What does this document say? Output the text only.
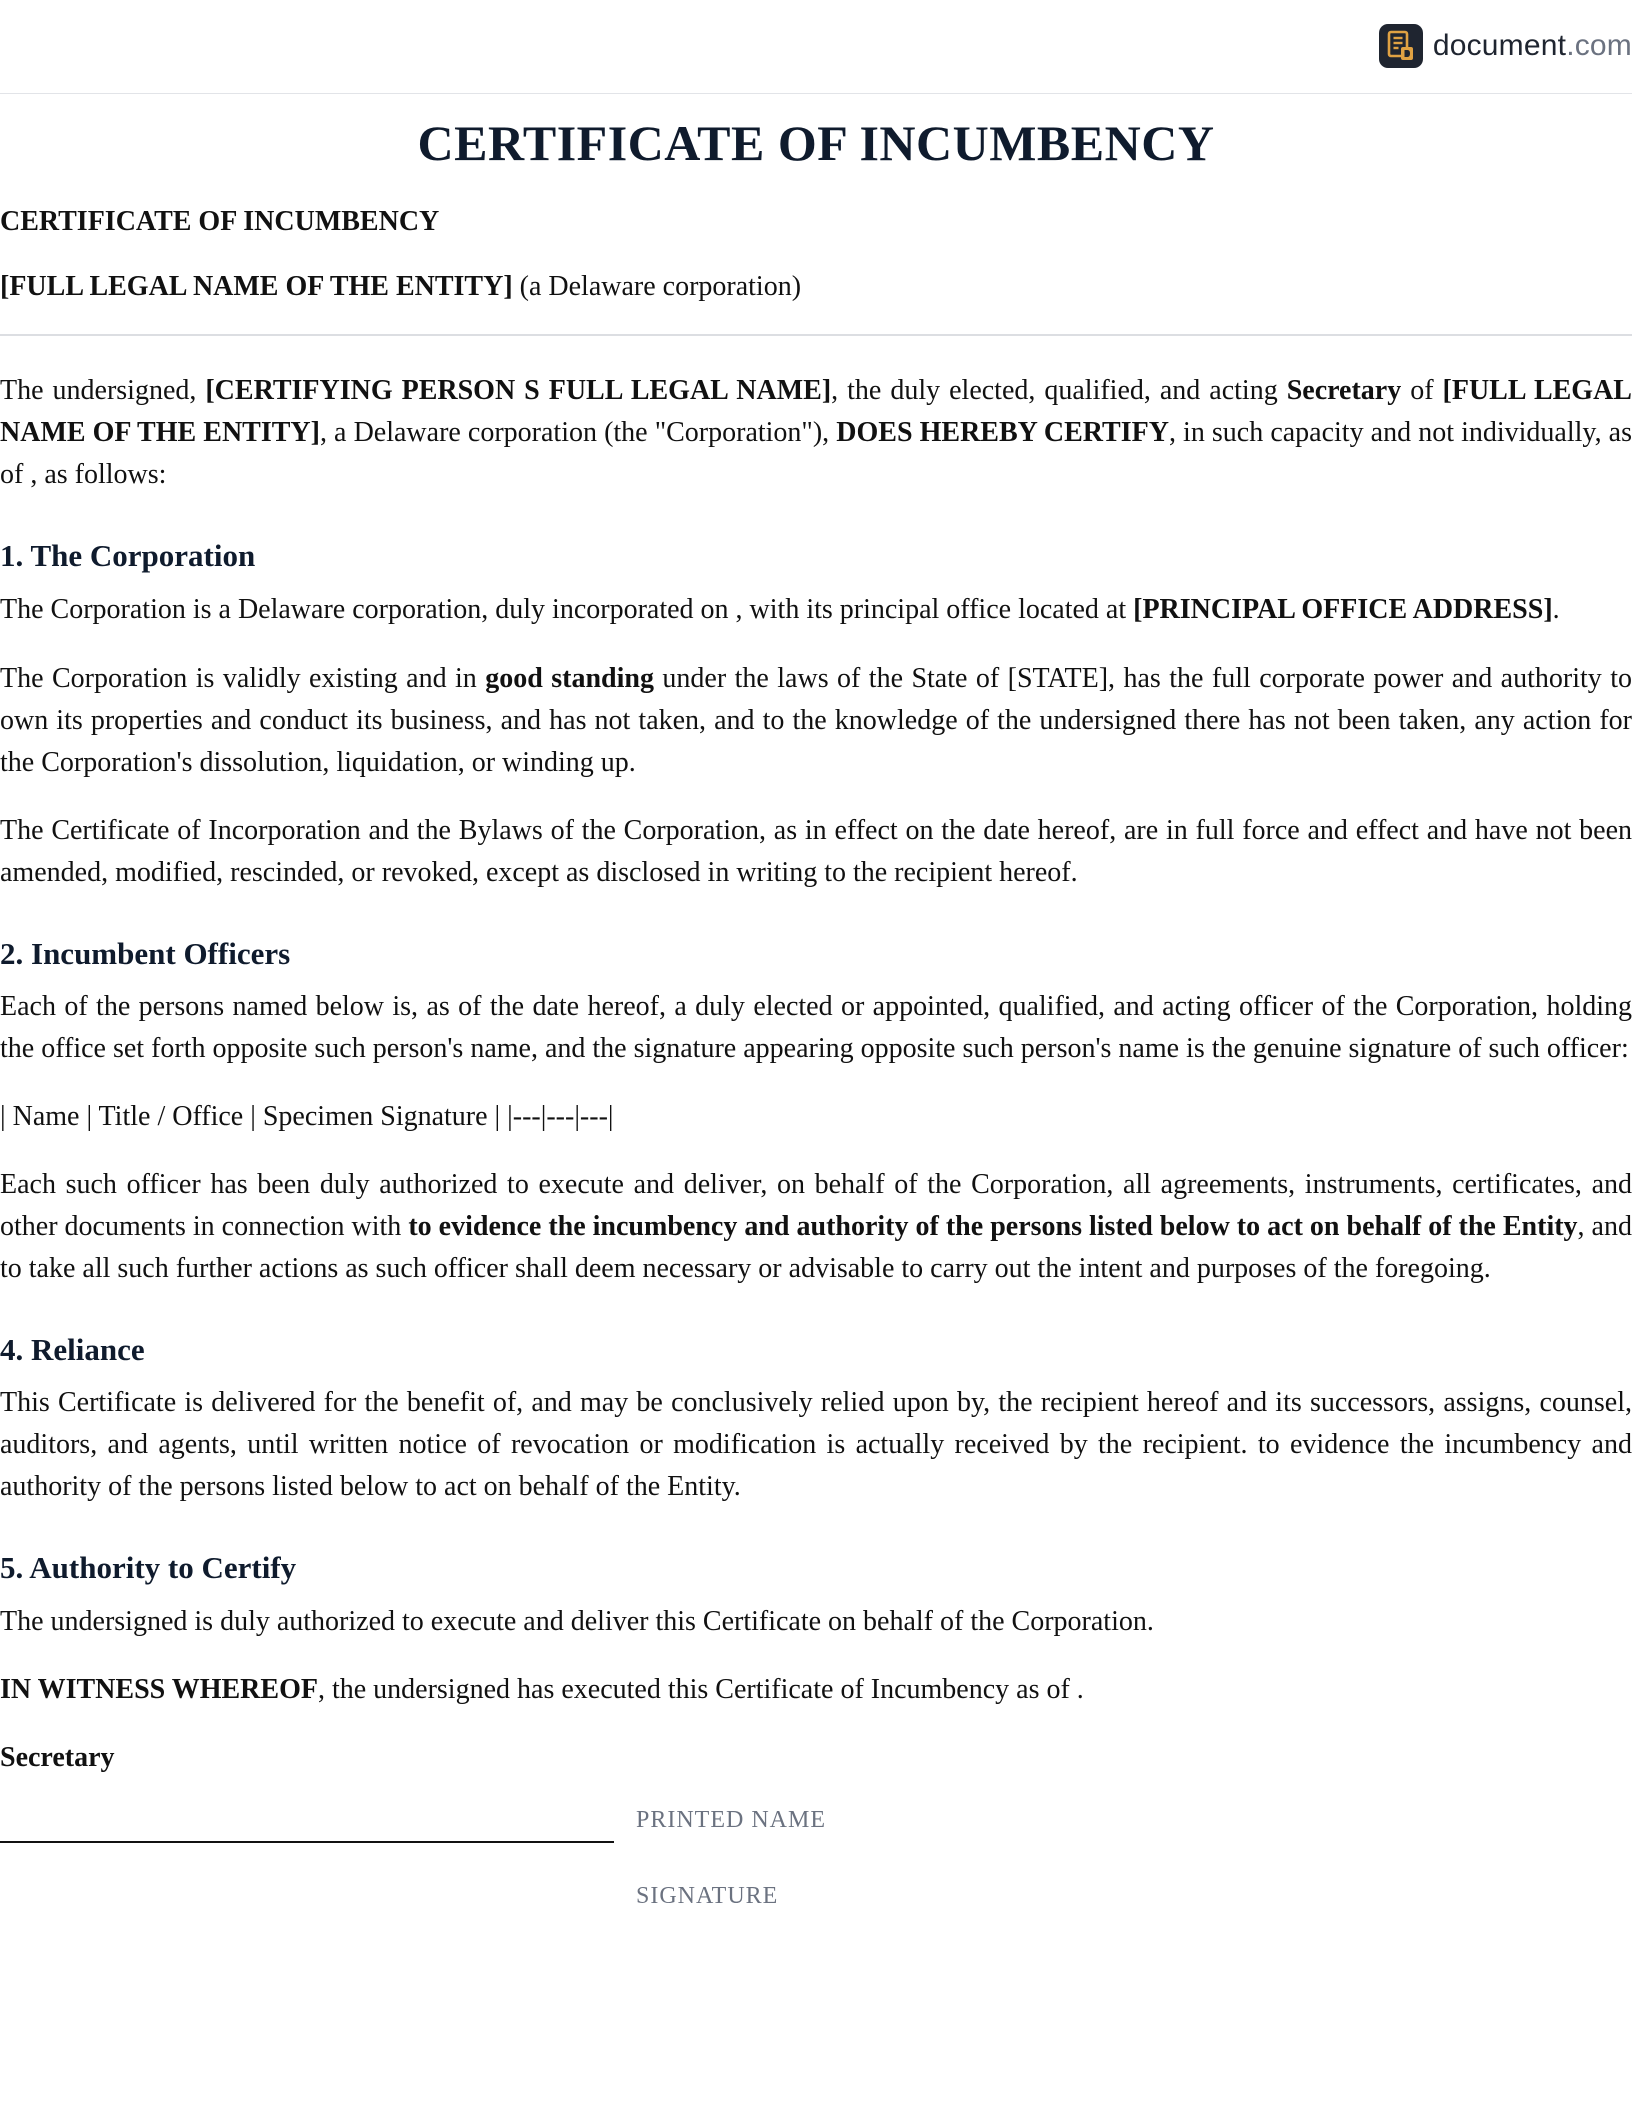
document.com
CERTIFICATE OF INCUMBENCY
CERTIFICATE OF INCUMBENCY
[FULL LEGAL NAME OF THE ENTITY] (a Delaware corporation)

The undersigned, [CERTIFYING PERSON S FULL LEGAL NAME], the duly elected, qualified, and acting Secretary of [FULL LEGAL NAME OF THE ENTITY], a Delaware corporation (the "Corporation"), DOES HEREBY CERTIFY, in such capacity and not individually, as of , as follows:

1. The Corporation

The Corporation is a Delaware corporation, duly incorporated on , with its principal office located at [PRINCIPAL OFFICE ADDRESS].

The Corporation is validly existing and in good standing under the laws of the State of [STATE], has the full corporate power and authority to own its properties and conduct its business, and has not taken, and to the knowledge of the undersigned there has not been taken, any action for the Corporation's dissolution, liquidation, or winding up.

The Certificate of Incorporation and the Bylaws of the Corporation, as in effect on the date hereof, are in full force and effect and have not been amended, modified, rescinded, or revoked, except as disclosed in writing to the recipient hereof.

2. Incumbent Officers

Each of the persons named below is, as of the date hereof, a duly elected or appointed, qualified, and acting officer of the Corporation, holding the office set forth opposite such person's name, and the signature appearing opposite such person's name is the genuine signature of such officer:

| Name | Title / Office | Specimen Signature | |---|---|---|

Each such officer has been duly authorized to execute and deliver, on behalf of the Corporation, all agreements, instruments, certificates, and other documents in connection with to evidence the incumbency and authority of the persons listed below to act on behalf of the Entity, and to take all such further actions as such officer shall deem necessary or advisable to carry out the intent and purposes of the foregoing.

4. Reliance

This Certificate is delivered for the benefit of, and may be conclusively relied upon by, the recipient hereof and its successors, assigns, counsel, auditors, and agents, until written notice of revocation or modification is actually received by the recipient. to evidence the incumbency and authority of the persons listed below to act on behalf of the Entity.

5. Authority to Certify

The undersigned is duly authorized to execute and deliver this Certificate on behalf of the Corporation.

IN WITNESS WHEREOF, the undersigned has executed this Certificate of Incumbency as of .

Secretary

PRINTED NAME
SIGNATURE
